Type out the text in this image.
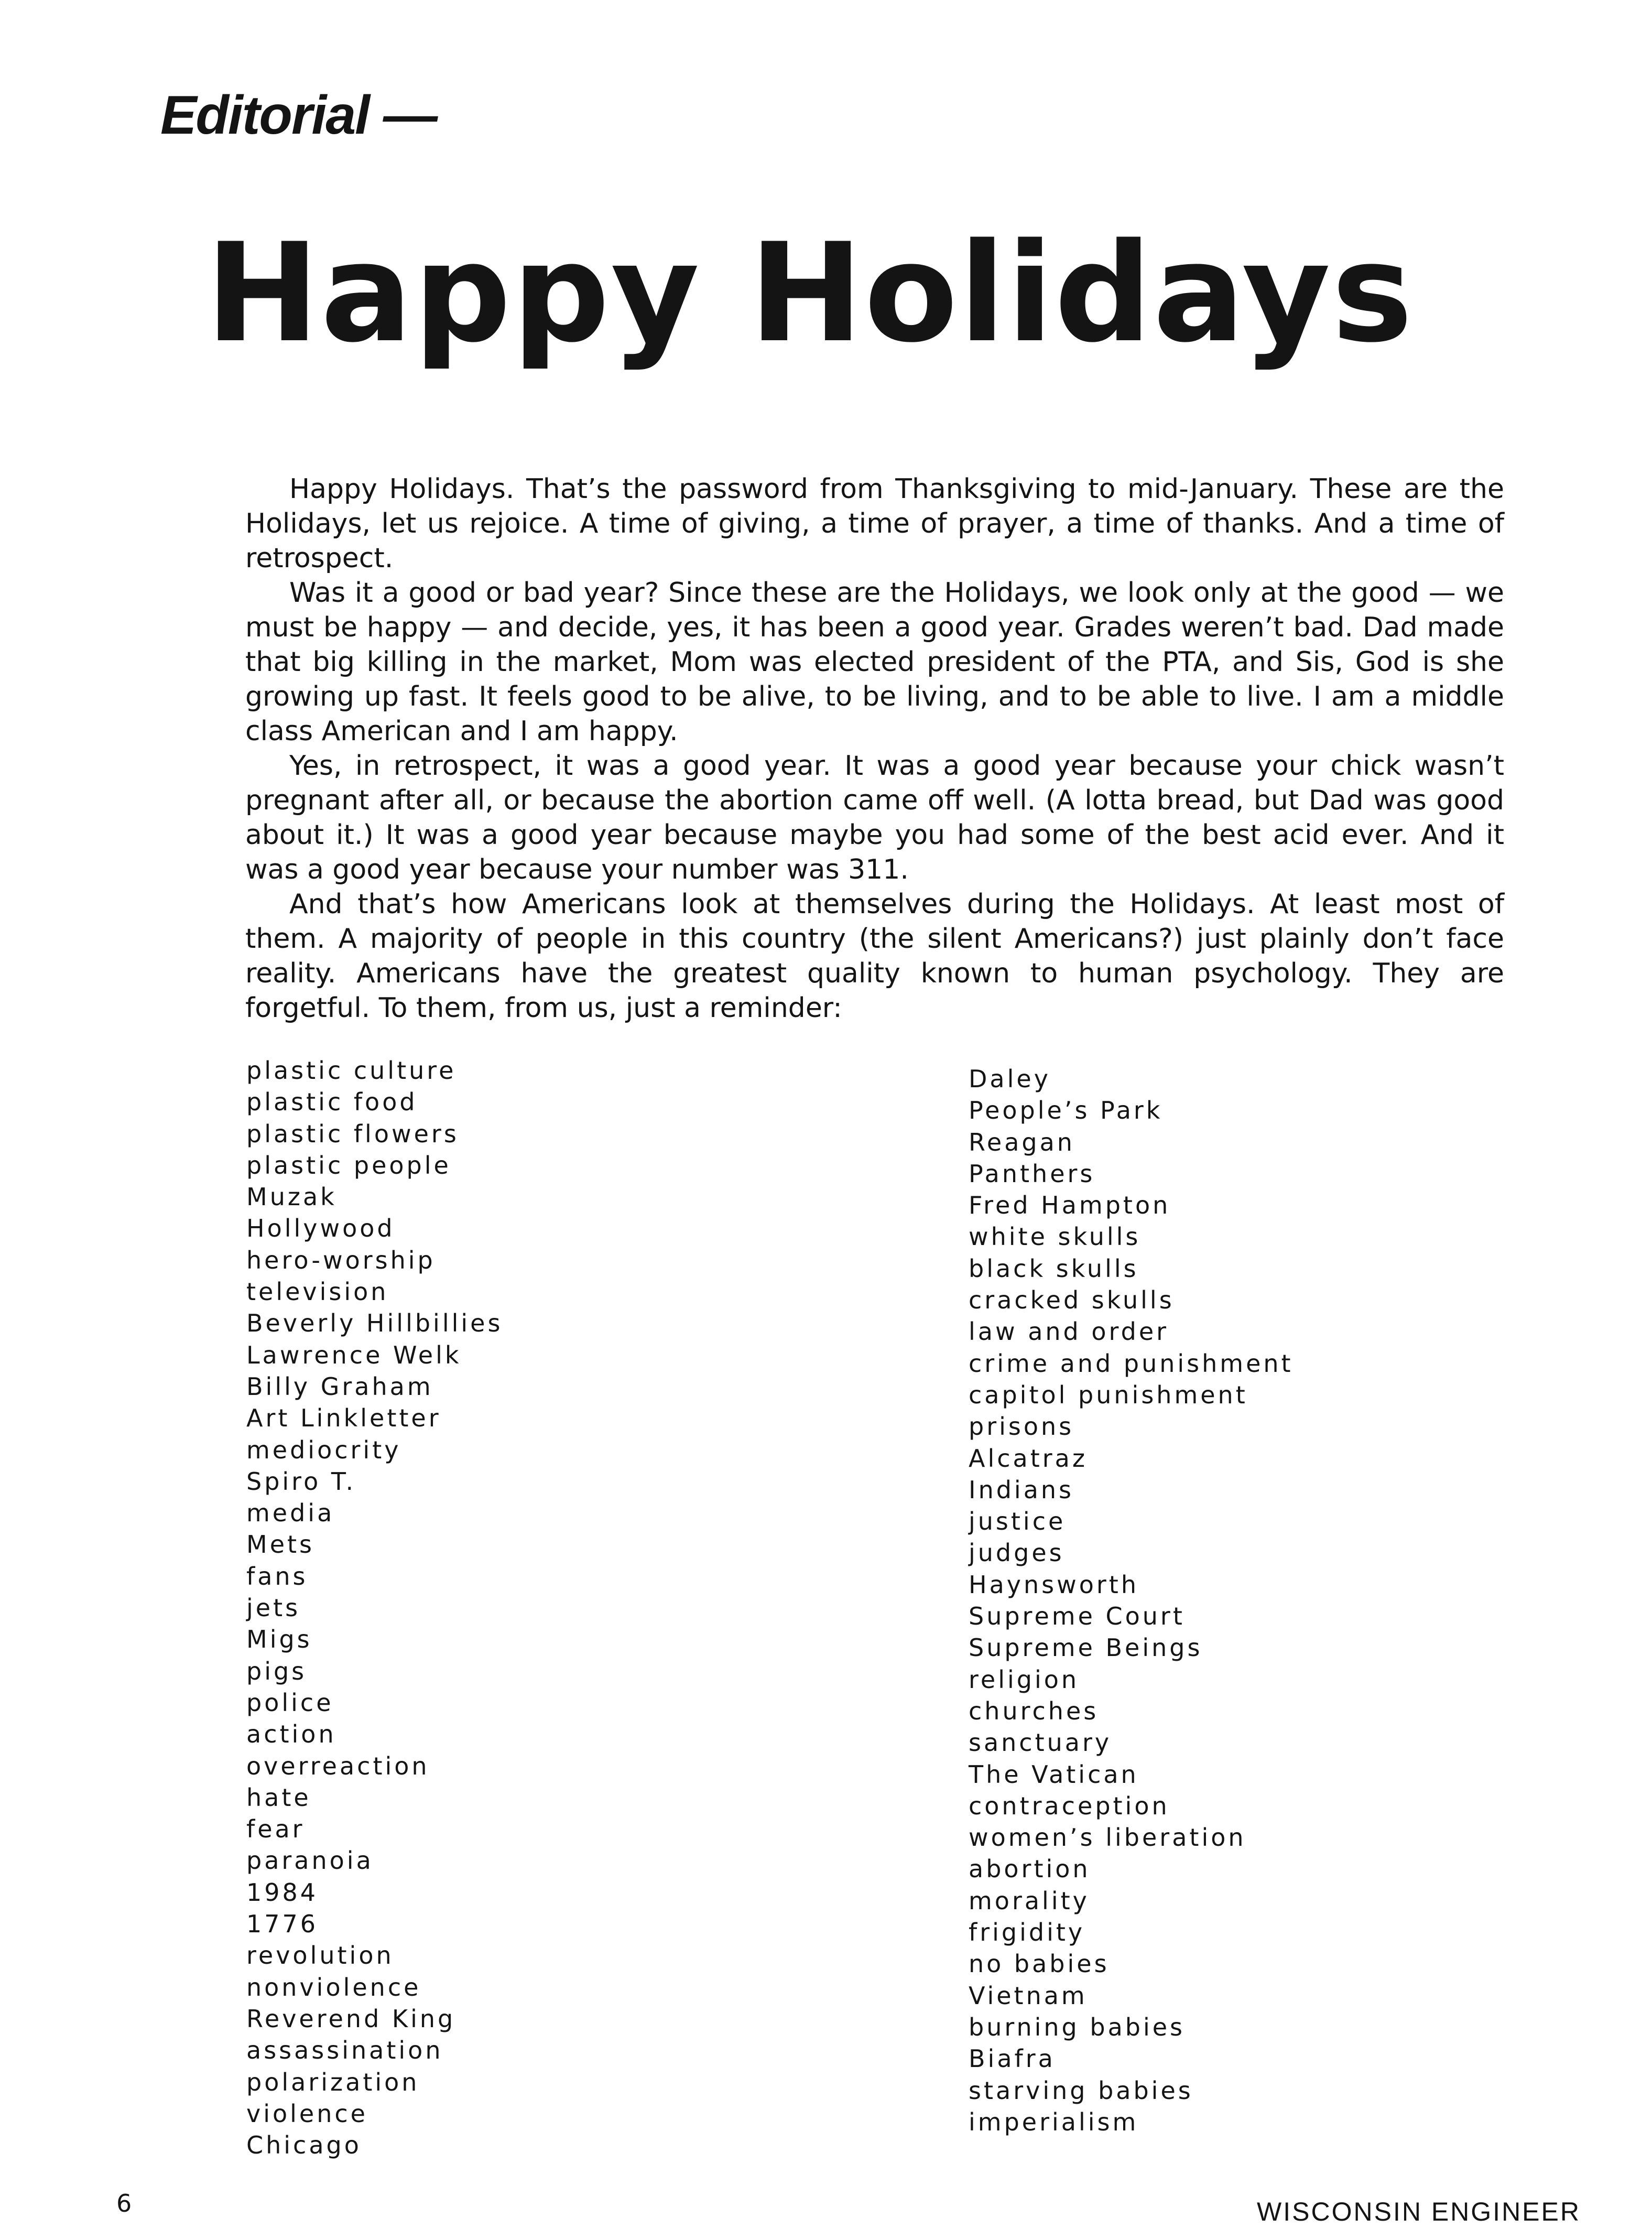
Editorial —
Happy Holidays

Happy Holidays. That’s the password from Thanksgiving to mid-January. These are the Holidays, let us rejoice. A time of giving, a time of prayer, a time of thanks. And a time of retrospect.

Was it a good or bad year? Since these are the Holidays, we look only at the good — we must be happy — and decide, yes, it has been a good year. Grades weren’t bad. Dad made that big killing in the market, Mom was elected president of the PTA, and Sis, God is she growing up fast. It feels good to be alive, to be living, and to be able to live. I am a middle class American and I am happy.

Yes, in retrospect, it was a good year. It was a good year because your chick wasn’t pregnant after all, or because the abortion came off well. (A lotta bread, but Dad was good about it.) It was a good year because maybe you had some of the best acid ever. And it was a good year because your number was 311.

And that’s how Americans look at themselves during the Holidays. At least most of them. A majority of people in this country (the silent Americans?) just plainly don’t face reality. Americans have the greatest quality known to human psychology. They are forgetful. To them, from us, just a reminder:

plastic culture
plastic food
plastic flowers
plastic people
Muzak
Hollywood
hero-worship
television
Beverly Hillbillies
Lawrence Welk
Billy Graham
Art Linkletter
mediocrity
Spiro T.
media
Mets
fans
jets
Migs
pigs
police
action
overreaction
hate
fear
paranoia
1984
1776
revolution
nonviolence
Reverend King
assassination
polarization
violence
Chicago
Daley
People’s Park
Reagan
Panthers
Fred Hampton
white skulls
black skulls
cracked skulls
law and order
crime and punishment
capitol punishment
prisons
Alcatraz
Indians
justice
judges
Haynsworth
Supreme Court
Supreme Beings
religion
churches
sanctuary
The Vatican
contraception
women’s liberation
abortion
morality
frigidity
no babies
Vietnam
burning babies
Biafra
starving babies
imperialism
6	WISCONSIN ENGINEER
